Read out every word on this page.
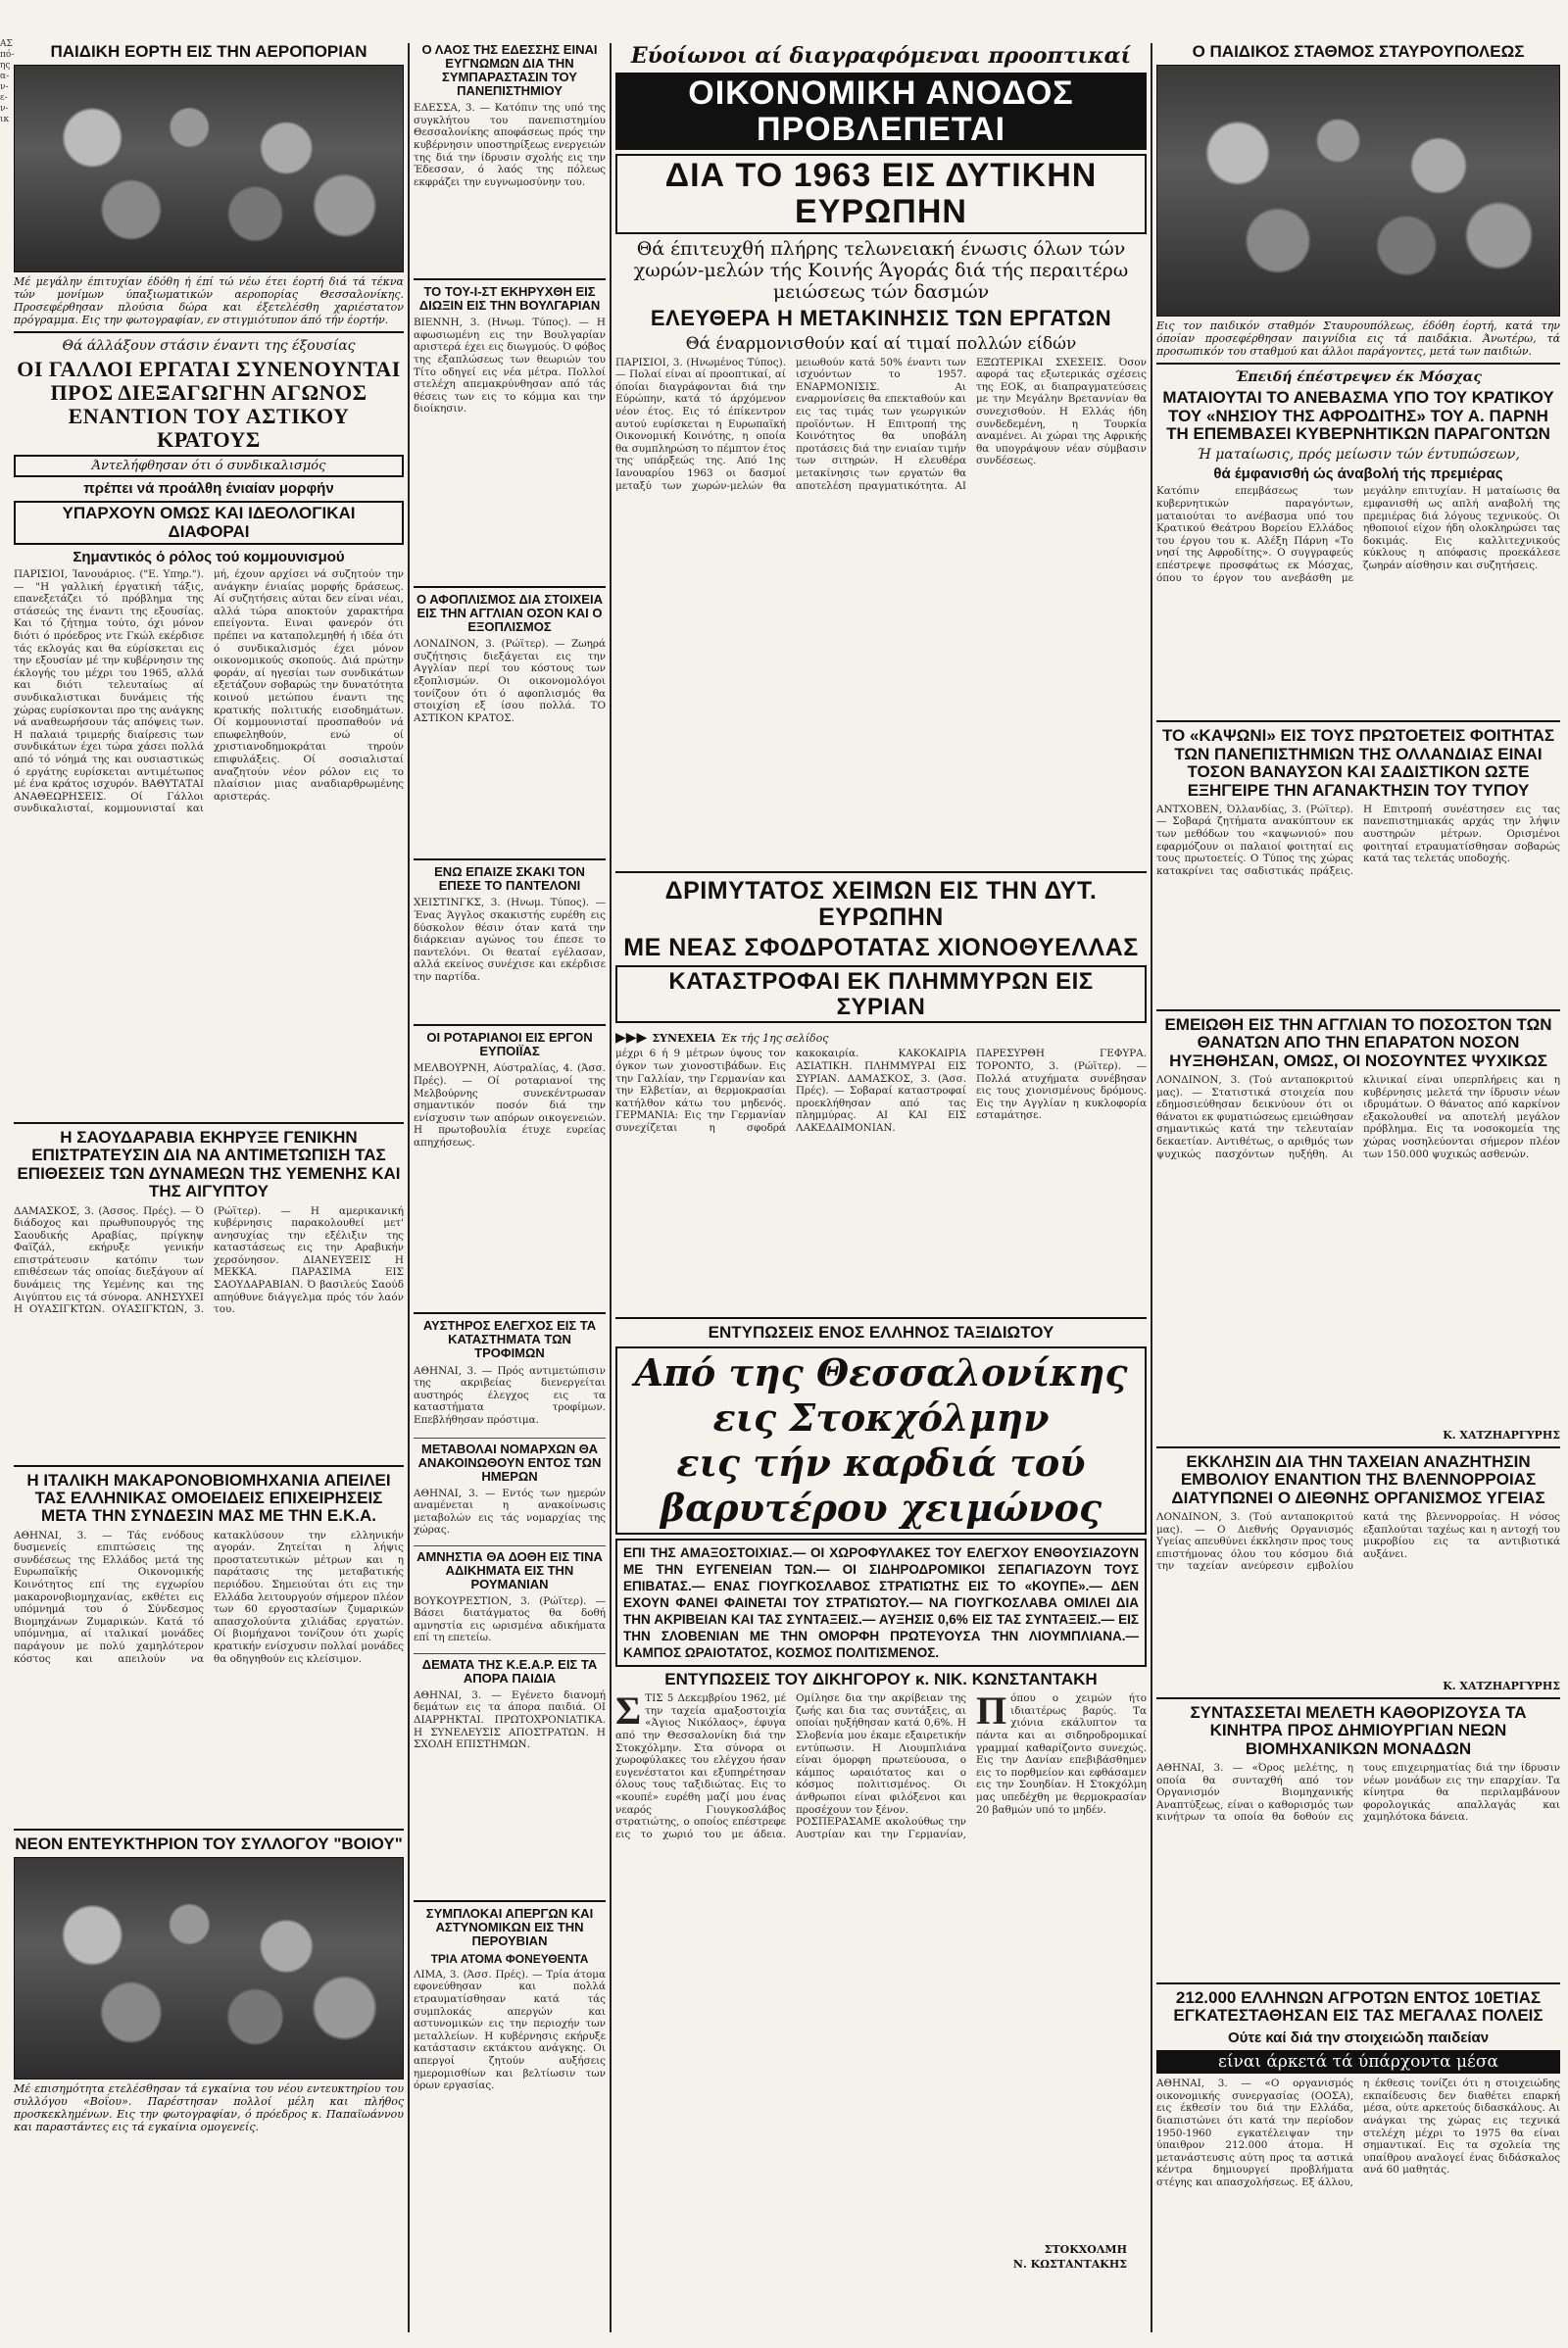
ΑΣ πό- ης α- ν- ε- ν- ικ
ΠΑΙΔΙΚΗ ΕΟΡΤΗ ΕΙΣ ΤΗΝ ΑΕΡΟΠΟΡΙΑΝ
Μέ μεγάλην έπιτυχίαν έδόθη ή έπί τώ νέω έτει έορτή διά τά τέκνα τών μονίμων ύπαξιωματικών αεροπορίας Θεσσαλονίκης. Προσεφέρθησαν πλούσια δώρα και έξετελέσθη χαριέστατον πρόγραμμα. Εις την φωτογραφίαν, εν στιγμιότυπον άπό τήν έορτήν.
Θά άλλάξουν στάσιν έναντι της έξουσίας
ΟΙ ΓΑΛΛΟΙ ΕΡΓΑΤΑΙ ΣΥΝΕΝΟΥΝΤΑΙ ΠΡΟΣ ΔΙΕΞΑΓΩΓΗΝ ΑΓΩΝΟΣ ΕΝΑΝΤΙΟΝ ΤΟΥ ΑΣΤΙΚΟΥ ΚΡΑΤΟΥΣ
Άντελήφθησαν ότι ό συνδικαλισμός
πρέπει νά προάλθη ένιαίαν μορφήν
ΥΠΑΡΧΟΥΝ ΟΜΩΣ ΚΑΙ ΙΔΕΟΛΟΓΙΚΑΙ ΔΙΑΦΟΡΑΙ
Σημαντικός ό ρόλος τού κομμουνισμού
ΠΑΡΙΣΙΟΙ, Ίανουάριος. ("Ε. Υπηρ."). — "Η γαλλική έργατική τάξις, επανεξετάζει τό πρόβλημα της στάσεώς της έναντι της εξουσίας. Και τό ζήτημα τούτο, όχι μόνον διότι ό πρόεδρος ντε Γκώλ εκέρδισε τάς εκλογάς και θα εύρίσκεται εις την εξουσίαν μέ την κυβέρνησιν της έκλογής του μέχρι του 1965, αλλά και διότι τελευταίως αί συνδικαλιστικαι δυνάμεις τής χώρας ευρίσκονται προ της ανάγκης νά αναθεωρήσουν τάς απόψεις των. Η παλαιά τριμερής διαίρεσις των συνδικάτων έχει τώρα χάσει πολλά από τό νόημά της και ουσιαστικώς ό εργάτης ευρίσκεται αντιμέτωπος μέ ένα κράτος ισχυρόν. ΒΑΘΥΤΑΤΑΙ ΑΝΑΘΕΩΡΗΣΕΙΣ. Οί Γάλλοι συνδικαλισταί, κομμουνισταί και μή, έχουν αρχίσει νά συζητούν την ανάγκην ένιαίας μορφής δράσεως. Αί συζητήσεις αύται δεν είναι νέαι, αλλά τώρα αποκτούν χαρακτήρα επείγοντα. Ειναι φανερόν ότι πρέπει να καταπολεμηθή ή ιδέα ότι ό συνδικαλισμός έχει μόνον οικονομικούς σκοπούς. Διά πρώτην φοράν, αί ηγεσίαι των συνδικάτων εξετάζουν σοβαρώς την δυνατότητα κοινού μετώπου έναντι της κρατικής πολιτικής εισοδημάτων. Οί κομμουνισταί προσπαθούν νά επωφεληθούν, ενώ οί χριστιανοδημοκράται τηρούν επιφυλάξεις. Οί σοσιαλισταί αναζητούν νέον ρόλον εις το πλαίσιον μιας αναδιαρθρωμένης αριστεράς.
Η ΣΑΟΥΔΑΡΑΒΙΑ ΕΚΗΡΥΞΕ ΓΕΝΙΚΗΝ ΕΠΙΣΤΡΑΤΕΥΣΙΝ ΔΙΑ ΝΑ ΑΝΤΙΜΕΤΩΠΙΣΗ ΤΑΣ ΕΠΙΘΕΣΕΙΣ ΤΩΝ ΔΥΝΑΜΕΩΝ ΤΗΣ ΥΕΜΕΝΗΣ ΚΑΙ ΤΗΣ ΑΙΓΥΠΤΟΥ
ΔΑΜΑΣΚΟΣ, 3. (Άσσος. Πρές). — Ό διάδοχος και πρωθυπουργός της Σαουδικής Αραβίας, πρίγκηψ Φαϊζάλ, εκήρυξε γενικήν επιστράτευσιν κατόπιν των επιθέσεων τάς οποίας διεξάγουν αί δυνάμεις της Υεμένης και της Αιγύπτου εις τά σύνορα. ΑΝΗΣΥΧΕΙ Η ΟΥΑΣΙΓΚΤΩΝ. ΟΥΑΣΙΓΚΤΩΝ, 3. (Ρώϊτερ). — Η αμερικανική κυβέρνησις παρακολουθεί μετ' ανησυχίας την εξέλιξιν της καταστάσεως εις την Αραβικήν χερσόνησον. ΔΙΑΝΕΥΞΕΙΣ Η ΜΕΚΚΑ. ΠΑΡΑΣΙΜΑ ΕΙΣ ΣΑΟΥΔΑΡΑΒΙΑΝ. Ό βασιλεύς Σαούδ απηύθυνε διάγγελμα πρός τόν λαόν του.
Η ΙΤΑΛΙΚΗ ΜΑΚΑΡΟΝΟΒΙΟΜΗΧΑΝΙΑ ΑΠΕΙΛΕΙ ΤΑΣ ΕΛΛΗΝΙΚΑΣ ΟΜΟΕΙΔΕΙΣ ΕΠΙΧΕΙΡΗΣΕΙΣ ΜΕΤΑ ΤΗΝ ΣΥΝΔΕΣΙΝ ΜΑΣ ΜΕ ΤΗΝ Ε.Κ.Α.
ΑΘΗΝΑΙ, 3. — Τάς ενόδους δυσμενείς επιπτώσεις της συνδέσεως της Ελλάδος μετά της Ευρωπαϊκής Οικονομικής Κοινότητος επί της εγχωρίου μακαρονοβιομηχανίας, εκθέτει εις υπόμνημά του ό Σύνδεσμος Βιομηχάνων Ζυμαρικών. Κατά τό υπόμνημα, αί ιταλικαί μονάδες παράγουν με πολύ χαμηλότερον κόστος και απειλούν να κατακλύσουν την ελληνικήν αγοράν. Ζητείται η λήψις προστατευτικών μέτρων και η παράτασις της μεταβατικής περιόδου. Σημειούται ότι εις την Ελλάδα λειτουργούν σήμερον πλέον των 60 εργοστασίων ζυμαρικών απασχολούντα χιλιάδας εργατών. Οί βιομήχανοι τονίζουν ότι χωρίς κρατικήν ενίσχυσιν πολλαί μονάδες θα οδηγηθούν εις κλείσιμον.
ΝΕΟΝ ΕΝΤΕΥΚΤΗΡΙΟΝ ΤΟΥ ΣΥΛΛΟΓΟΥ "ΒΟΙΟΥ"
Μέ επισημότητα ετελέσθησαν τά εγκαίνια του νέου εντευκτηρίου του συλλόγου «Βοΐου». Παρέστησαν πολλοί μέλη και πλήθος προσκεκλημένων. Εις την φωτογραφίαν, ό πρόεδρος κ. Παπαϊωάννου και παραστάντες εις τά εγκαίνια ομογενείς.
Ο ΛΑΟΣ ΤΗΣ ΕΔΕΣΣΗΣ ΕΙΝΑΙ ΕΥΓΝΩΜΩΝ ΔΙΑ ΤΗΝ ΣΥΜΠΑΡΑΣΤΑΣΙΝ ΤΟΥ ΠΑΝΕΠΙΣΤΗΜΙΟΥ
ΕΔΕΣΣΑ, 3. — Κατόπιν της υπό της συγκλήτου του πανεπιστημίου Θεσσαλονίκης αποφάσεως πρός την κυβέρνησιν υποστηρίξεως ενεργειών της διά την ίδρυσιν σχολής εις την Έδεσσαν, ό λαός της πόλεως εκφράζει την ευγνωμοσύνην του.
ΤΟ ΤΟΥ-Ι-ΣΤ ΕΚΗΡΥΧΘΗ ΕΙΣ ΔΙΩΞΙΝ ΕΙΣ ΤΗΝ ΒΟΥΛΓΑΡΙΑΝ
ΒΙΕΝΝΗ, 3. (Ηνωμ. Τύπος). — Η αφωσιωμένη εις την Βουλγαρίαν αριστερά έχει εις διωγμούς. Ό φόβος της εξαπλώσεως των θεωριών του Τίτο οδηγεί εις νέα μέτρα. Πολλοί στελέχη απεμακρύνθησαν από τάς θέσεις των εις το κόμμα και την διοίκησιν.
Ο ΑΦΟΠΛΙΣΜΟΣ ΔΙΑ ΣΤΟΙΧΕΙΑ ΕΙΣ ΤΗΝ ΑΓΓΛΙΑΝ ΟΣΟΝ ΚΑΙ Ο ΕΞΟΠΛΙΣΜΟΣ
ΛΟΝΔΙΝΟΝ, 3. (Ρώϊτερ). — Ζωηρά συζήτησις διεξάγεται εις την Αγγλίαν περί του κόστους των εξοπλισμών. Οι οικονομολόγοι τονίζουν ότι ό αφοπλισμός θα στοιχίση εξ ίσου πολλά. ΤΟ ΑΣΤΙΚΟΝ ΚΡΑΤΟΣ.
ΕΝΩ ΕΠΑΙΖΕ ΣΚΑΚΙ ΤΟΝ ΕΠΕΣΕ ΤΟ ΠΑΝΤΕΛΟΝΙ
ΧΕΙΣΤΙΝΓΚΣ, 3. (Ηνωμ. Τύπος). — Ένας Άγγλος σκακιστής ευρέθη εις δύσκολον θέσιν όταν κατά την διάρκειαν αγώνος του έπεσε το παντελόνι. Οι θεαταί εγέλασαν, αλλά εκείνος συνέχισε και εκέρδισε την παρτίδα.
ΟΙ ΡΟΤΑΡΙΑΝΟΙ ΕΙΣ ΕΡΓΟΝ ΕΥΠΟΙΪΑΣ
ΜΕΛΒΟΥΡΝΗ, Αύστραλίας, 4. (Άσσ. Πρές). — Οί ροταριανοί της Μελβούρνης συνεκέντρωσαν σημαντικόν ποσόν διά την ενίσχυσιν των απόρων οικογενειών. Η πρωτοβουλία έτυχε ευρείας απηχήσεως.
ΑΥΣΤΗΡΟΣ ΕΛΕΓΧΟΣ ΕΙΣ ΤΑ ΚΑΤΑΣΤΗΜΑΤΑ ΤΩΝ ΤΡΟΦΙΜΩΝ
ΑΘΗΝΑΙ, 3. — Πρός αντιμετώπισιν της ακριβείας διενεργείται αυστηρός έλεγχος εις τα καταστήματα τροφίμων. Επεβλήθησαν πρόστιμα.
ΜΕΤΑΒΟΛΑΙ ΝΟΜΑΡΧΩΝ ΘΑ ΑΝΑΚΟΙΝΩΘΟΥΝ ΕΝΤΟΣ ΤΩΝ ΗΜΕΡΩΝ
ΑΘΗΝΑΙ, 3. — Εντός των ημερών αναμένεται η ανακοίνωσις μεταβολών εις τάς νομαρχίας της χώρας.
ΑΜΝΗΣΤΙΑ ΘΑ ΔΟΘΗ ΕΙΣ ΤΙΝΑ ΑΔΙΚΗΜΑΤΑ ΕΙΣ ΤΗΝ ΡΟΥΜΑΝΙΑΝ
ΒΟΥΚΟΥΡΕΣΤΙΟΝ, 3. (Ρώϊτερ). — Βάσει διατάγματος θα δοθή αμνηστία εις ωρισμένα αδικήματα επί τη επετείω.
ΔΕΜΑΤΑ ΤΗΣ Κ.Ε.Α.Ρ. ΕΙΣ ΤΑ ΑΠΟΡΑ ΠΑΙΔΙΑ
ΑΘΗΝΑΙ, 3. — Εγένετο διανομή δεμάτων εις τα άπορα παιδιά. ΟΙ ΔΙΑΡΡΗΚΤΑΙ. ΠΡΩΤΟΧΡΟΝΙΑΤΙΚΑ. Η ΣΥΝΕΛΕΥΣΙΣ ΑΠΟΣΤΡΑΤΩΝ. Η ΣΧΟΛΗ ΕΠΙΣΤΗΜΩΝ.
ΣΥΜΠΛΟΚΑΙ ΑΠΕΡΓΩΝ ΚΑΙ ΑΣΤΥΝΟΜΙΚΩΝ ΕΙΣ ΤΗΝ ΠΕΡΟΥΒΙΑΝ
ΤΡΙΑ ΑΤΟΜΑ ΦΟΝΕΥΘΕΝΤΑ
ΛΙΜΑ, 3. (Άσσ. Πρές). — Τρία άτομα εφονεύθησαν και πολλά ετραυματίσθησαν κατά τάς συμπλοκάς απεργών και αστυνομικών εις την περιοχήν των μεταλλείων. Η κυβέρνησις εκήρυξε κατάστασιν εκτάκτου ανάγκης. Οι απεργοί ζητούν αυξήσεις ημερομισθίων και βελτίωσιν των όρων εργασίας.
Εύοίωνοι αί διαγραφόμεναι προοπτικαί
ΟΙΚΟΝΟΜΙΚΗ ΑΝΟΔΟΣ ΠΡΟΒΛΕΠΕΤΑΙ
ΔΙΑ ΤΟ 1963 ΕΙΣ ΔΥΤΙΚΗΝ ΕΥΡΩΠΗΝ
Θά έπιτευχθή πλήρης τελωνειακή ένωσις όλων τών χωρών-μελών τής Κοινής Άγοράς διά τής περαιτέρω μειώσεως τών δασμών
ΕΛΕΥΘΕΡΑ Η ΜΕΤΑΚΙΝΗΣΙΣ ΤΩΝ ΕΡΓΑΤΩΝ
Θά έναρμονισθούν καί αί τιμαί πολλών είδών
ΠΑΡΙΣΙΟΙ, 3. (Ηνωμένος Τύπος). — Πολαί είναι αί προοπτικαί, αί όποίαι διαγράφονται διά την Εύρώπην, κατά τό άρχόμενον νέον έτος. Εις τό έπίκεντρον αυτού ευρίσκεται η Ευρωπαϊκή Οικονομική Κοινότης, η οποία θα συμπληρώση το πέμπτον έτος της υπάρξεώς της. Από 1ης Ιανουαρίου 1963 οι δασμοί μεταξύ των χωρών-μελών θα μειωθούν κατά 50% έναντι των ισχυόντων το 1957. ΕΝΑΡΜΟΝΙΣΙΣ. Αι εναρμονίσεις θα επεκταθούν και εις τας τιμάς των γεωργικών προϊόντων. Η Επιτροπή της Κοινότητος θα υποβάλη προτάσεις διά την ενιαίαν τιμήν των σιτηρών. Η ελευθέρα μετακίνησις των εργατών θα αποτελέση πραγματικότητα. ΑΙ ΕΞΩΤΕΡΙΚΑΙ ΣΧΕΣΕΙΣ. Όσον αφορά τας εξωτερικάς σχέσεις της ΕΟΚ, αι διαπραγματεύσεις με την Μεγάλην Βρεταννίαν θα συνεχισθούν. Η Ελλάς ήδη συνδεδεμένη, η Τουρκία αναμένει. Αι χώραι της Αφρικής θα υπογράψουν νέαν σύμβασιν συνδέσεως.
ΔΡΙΜΥΤΑΤΟΣ ΧΕΙΜΩΝ ΕΙΣ ΤΗΝ ΔΥΤ. ΕΥΡΩΠΗΝ
ΜΕ ΝΕΑΣ ΣΦΟΔΡΟΤΑΤΑΣ ΧΙΟΝΟΘΥΕΛΛΑΣ
ΚΑΤΑΣΤΡΟΦΑΙ ΕΚ ΠΛΗΜΜΥΡΩΝ ΕΙΣ ΣΥΡΙΑΝ
▶▶▶ ΣΥΝΕΧΕΙΑ Έκ τής 1ης σελίδος
μέχρι 6 ή 9 μέτρων ύψους τον όγκον των χιονοστιβάδων. Εις την Γαλλίαν, την Γερμανίαν και την Ελβετίαν, αι θερμοκρασίαι κατήλθον κάτω του μηδενός. ΓΕΡΜΑΝΙΑ: Εις την Γερμανίαν συνεχίζεται η σφοδρά κακοκαιρία. ΚΑΚΟΚΑΙΡΙΑ ΑΣΙΑΤΙΚΗ. ΠΛΗΜΜΥΡΑΙ ΕΙΣ ΣΥΡΙΑΝ. ΔΑΜΑΣΚΟΣ, 3. (Άσσ. Πρές). — Σοβαραί καταστροφαί προεκλήθησαν από τας πλημμύρας. ΑΙ ΚΑΙ ΕΙΣ ΛΑΚΕΔΑΙΜΟΝΙΑΝ. ΠΑΡΕΣΥΡΘΗ ΓΕΦΥΡΑ. ΤΟΡΟΝΤΟ, 3. (Ρώϊτερ). — Πολλά ατυχήματα συνέβησαν εις τους χιονισμένους δρόμους. Εις την Αγγλίαν η κυκλοφορία εσταμάτησε.
ΕΝΤΥΠΩΣΕΙΣ ΕΝΟΣ ΕΛΛΗΝΟΣ ΤΑΞΙΔΙΩΤΟΥ
Από της Θεσσαλονίκης εις Στοκχόλμην
εις τήν καρδιά τού βαρυτέρου χειμώνος
ΕΠΙ ΤΗΣ ΑΜΑΞΟΣΤΟΙΧΙΑΣ.— ΟΙ ΧΩΡΟΦΥΛΑΚΕΣ ΤΟΥ ΕΛΕΓΧΟΥ ΕΝΘΟΥΣΙΑΖΟΥΝ ΜΕ ΤΗΝ ΕΥΓΕΝΕΙΑΝ ΤΩΝ.— ΟΙ ΣΙΔΗΡΟΔΡΟΜΙΚΟΙ ΣΕΠΑΓΙΑΖΟΥΝ ΤΟΥΣ ΕΠΙΒΑΤΑΣ.— ΕΝΑΣ ΓΙΟΥΓΚΟΣΛΑΒΟΣ ΣΤΡΑΤΙΩΤΗΣ ΕΙΣ ΤΟ «ΚΟΥΠΕ».— ΔΕΝ ΕΧΟΥΝ ΦΑΝΕΙ ΦΑΙΝΕΤΑΙ ΤΟΥ ΣΤΡΑΤΙΩΤΟΥ.— ΝΑ ΓΙΟΥΓΚΟΣΛΑΒΑ ΟΜΙΛΕΙ ΔΙΑ ΤΗΝ ΑΚΡΙΒΕΙΑΝ ΚΑΙ ΤΑΣ ΣΥΝΤΑΞΕΙΣ.— ΑΥΞΗΣΙΣ 0,6% ΕΙΣ ΤΑΣ ΣΥΝΤΑΞΕΙΣ.— ΕΙΣ ΤΗΝ ΣΛΟΒΕΝΙΑΝ ΜΕ ΤΗΝ ΟΜΟΡΦΗ ΠΡΩΤΕΥΟΥΣΑ ΤΗΝ ΛΙΟΥΜΠΛΙΑΝΑ.— ΚΑΜΠΟΣ ΩΡΑΙΟΤΑΤΟΣ, ΚΟΣΜΟΣ ΠΟΛΙΤΙΣΜΕΝΟΣ.
ΕΝΤΥΠΩΣΕΙΣ ΤΟΥ ΔΙΚΗΓΟΡΟΥ κ. ΝΙΚ. ΚΩΝΣΤΑΝΤΑΚΗ
Σ ΤΙΣ 5 Δεκεμβρίου 1962, μέ την ταχεία αμαξοστοιχία «Άγιος Νικόλαος», έφυγα από την Θεσσαλονίκη διά την Στοκχόλμην. Στα σύνορα οι χωροφύλακες του ελέγχου ήσαν ευγενέστατοι και εξυπηρέτησαν όλους τους ταξιδιώτας. Εις το «κουπέ» ευρέθη μαζί μου ένας νεαρός Γιουγκοσλάβος στρατιώτης, ο οποίος επέστρεφε εις το χωριό του με άδεια. Ομίλησε δια την ακρίβειαν της ζωής και δια τας συντάξεις, αι οποίαι ηυξήθησαν κατά 0,6%. Η Σλοβενία μου έκαμε εξαιρετικήν εντύπωσιν. Η Λιουμπλιάνα είναι όμορφη πρωτεύουσα, ο κάμπος ωραιότατος και ο κόσμος πολιτισμένος. Οι άνθρωποι είναι φιλόξενοι και προσέχουν τον ξένον.

Π
ΡΟΣΠΕΡΑΣΑΜΕ ακολούθως την Αυστρίαν και την Γερμανίαν, όπου ο χειμών ήτο ιδιαιτέρως βαρύς. Τα χιόνια εκάλυπτον τα πάντα και αι σιδηροδρομικαί γραμμαί καθαρίζοντο συνεχώς. Εις την Δανίαν επεβιβάσθημεν εις το πορθμείον και εφθάσαμεν εις την Σουηδίαν. Η Στοκχόλμη μας υπεδέχθη με θερμοκρασίαν 20 βαθμών υπό το μηδέν.
ΣΤΟΚΧΟΛΜΗ
Ν. ΚΩΣΤΑΝΤΑΚΗΣ
Ο ΠΑΙΔΙΚΟΣ ΣΤΑΘΜΟΣ ΣΤΑΥΡΟΥΠΟΛΕΩΣ
Εις τον παιδικόν σταθμόν Σταυρουπόλεως, έδόθη έορτή, κατά την όποίαν προσεφέρθησαν παιγνίδια εις τά παιδάκια. Άνωτέρω, τά προσωπικόν του σταθμού και άλλοι παράγοντες, μετά των παιδιών.
Έπειδή έπέστρεψεν έκ Μόσχας
ΜΑΤΑΙΟΥΤΑΙ ΤΟ ΑΝΕΒΑΣΜΑ ΥΠΟ ΤΟΥ ΚΡΑΤΙΚΟΥ ΤΟΥ «ΝΗΣΙΟΥ ΤΗΣ ΑΦΡΟΔΙΤΗΣ» ΤΟΥ Α. ΠΑΡΝΗ ΤΗ ΕΠΕΜΒΑΣΕΙ ΚΥΒΕΡΝΗΤΙΚΩΝ ΠΑΡΑΓΟΝΤΩΝ
Ή ματαίωσις, πρός μείωσιν τών έντυπώσεων,
θά έμφανισθή ώς άναβολή τής πρεμιέρας
Κατόπιν επεμβάσεως των κυβερνητικών παραγόντων, ματαιούται το ανέβασμα υπό του Κρατικού Θεάτρου Βορείου Ελλάδος του έργου του κ. Αλέξη Πάρνη «Το νησί της Αφροδίτης». Ο συγγραφεύς επέστρεψε προσφάτως εκ Μόσχας, όπου το έργον του ανεβάσθη με μεγάλην επιτυχίαν. Η ματαίωσις θα εμφανισθή ως απλή αναβολή της πρεμιέρας διά λόγους τεχνικούς. Οι ηθοποιοί είχον ήδη ολοκληρώσει τας δοκιμάς. Εις καλλιτεχνικούς κύκλους η απόφασις προεκάλεσε ζωηράν αίσθησιν και συζητήσεις.
ΤΟ «ΚΑΨΩΝΙ» ΕΙΣ ΤΟΥΣ ΠΡΩΤΟΕΤΕΙΣ ΦΟΙΤΗΤΑΣ ΤΩΝ ΠΑΝΕΠΙΣΤΗΜΙΩΝ ΤΗΣ ΟΛΛΑΝΔΙΑΣ ΕΙΝΑΙ ΤΟΣΟΝ ΒΑΝΑΥΣΟΝ ΚΑΙ ΣΑΔΙΣΤΙΚΟΝ ΩΣΤΕ ΕΞΗΓΕΙΡΕ ΤΗΝ ΑΓΑΝΑΚΤΗΣΙΝ ΤΟΥ ΤΥΠΟΥ
ΑΝΤΧΟΒΕΝ, Όλλανδίας, 3. (Ρώϊτερ). — Σοβαρά ζητήματα ανακύπτουν εκ των μεθόδων του «καψωνιού» που εφαρμόζουν οι παλαιοί φοιτηταί εις τους πρωτοετείς. Ο Τύπος της χώρας κατακρίνει τας σαδιστικάς πράξεις. Η Επιτροπή συνέστησεν εις τας πανεπιστημιακάς αρχάς την λήψιν αυστηρών μέτρων. Ορισμένοι φοιτηταί ετραυματίσθησαν σοβαρώς κατά τας τελετάς υποδοχής.
ΕΜΕΙΩΘΗ ΕΙΣ ΤΗΝ ΑΓΓΛΙΑΝ ΤΟ ΠΟΣΟΣΤΟΝ ΤΩΝ ΘΑΝΑΤΩΝ ΑΠΟ ΤΗΝ ΕΠΑΡΑΤΟΝ ΝΟΣΟΝ ΗΥΞΗΘΗΣΑΝ, ΟΜΩΣ, ΟΙ ΝΟΣΟΥΝΤΕΣ ΨΥΧΙΚΩΣ
ΛΟΝΔΙΝΟΝ, 3. (Τού ανταποκριτού μας). — Στατιστικά στοιχεία που εδημοσιεύθησαν δεικνύουν ότι οι θάνατοι εκ φυματιώσεως εμειώθησαν σημαντικώς κατά την τελευταίαν δεκαετίαν. Αντιθέτως, ο αριθμός των ψυχικώς πασχόντων ηυξήθη. Αι κλινικαί είναι υπερπλήρεις και η κυβέρνησις μελετά την ίδρυσιν νέων ιδρυμάτων. Ο θάνατος από καρκίνον εξακολουθεί να αποτελή μεγάλον πρόβλημα. Εις τα νοσοκομεία της χώρας νοσηλεύονται σήμερον πλέον των 150.000 ψυχικώς ασθενών.
Κ. ΧΑΤΖΗΑΡΓΥΡΗΣ
ΕΚΚΛΗΣΙΝ ΔΙΑ ΤΗΝ ΤΑΧΕΙΑΝ ΑΝΑΖΗΤΗΣΙΝ ΕΜΒΟΛΙΟΥ ΕΝΑΝΤΙΟΝ ΤΗΣ ΒΛΕΝΝΟΡΡΟΙΑΣ ΔΙΑΤΥΠΩΝΕΙ Ο ΔΙΕΘΝΗΣ ΟΡΓΑΝΙΣΜΟΣ ΥΓΕΙΑΣ
ΛΟΝΔΙΝΟΝ, 3. (Τού ανταποκριτού μας). — Ο Διεθνής Οργανισμός Υγείας απευθύνει έκκλησιν προς τους επιστήμονας όλου του κόσμου διά την ταχείαν ανεύρεσιν εμβολίου κατά της βλεννορροίας. Η νόσος εξαπλούται ταχέως και η αντοχή του μικροβίου εις τα αντιβιοτικά αυξάνει.
Κ. ΧΑΤΖΗΑΡΓΥΡΗΣ
ΣΥΝΤΑΣΣΕΤΑΙ ΜΕΛΕΤΗ ΚΑΘΟΡΙΖΟΥΣΑ ΤΑ ΚΙΝΗΤΡΑ ΠΡΟΣ ΔΗΜΙΟΥΡΓΙΑΝ ΝΕΩΝ ΒΙΟΜΗΧΑΝΙΚΩΝ ΜΟΝΑΔΩΝ
ΑΘΗΝΑΙ, 3. — «Όρος μελέτης, η οποία θα συνταχθή από τον Οργανισμόν Βιομηχανικής Αναπτύξεως, είναι ο καθορισμός των κινήτρων τα οποία θα δοθούν εις τους επιχειρηματίας διά την ίδρυσιν νέων μονάδων εις την επαρχίαν. Τα κίνητρα θα περιλαμβάνουν φορολογικάς απαλλαγάς και χαμηλότοκα δάνεια.
212.000 ΕΛΛΗΝΩΝ ΑΓΡΟΤΩΝ ΕΝΤΟΣ 10ΕΤΙΑΣ ΕΓΚΑΤΕΣΤΑΘΗΣΑΝ ΕΙΣ ΤΑΣ ΜΕΓΑΛΑΣ ΠΟΛΕΙΣ
Ούτε καί διά την στοιχειώδη παιδείαν
είναι άρκετά τά ύπάρχοντα μέσα
ΑΘΗΝΑΙ, 3. — «Ο οργανισμός οικονομικής συνεργασίας (ΟΟΣΑ), εις έκθεσίν του διά την Ελλάδα, διαπιστώνει ότι κατά την περίοδον 1950-1960 εγκατέλειψαν την ύπαιθρον 212.000 άτομα. Η μετανάστευσις αύτη προς τα αστικά κέντρα δημιουργεί προβλήματα στέγης και απασχολήσεως. Εξ άλλου, η έκθεσις τονίζει ότι η στοιχειώδης εκπαίδευσις δεν διαθέτει επαρκή μέσα, ούτε αρκετούς διδασκάλους. Αι ανάγκαι της χώρας εις τεχνικά στελέχη μέχρι το 1975 θα είναι σημαντικαί. Εις τα σχολεία της υπαίθρου αναλογεί ένας διδάσκαλος ανά 60 μαθητάς.
